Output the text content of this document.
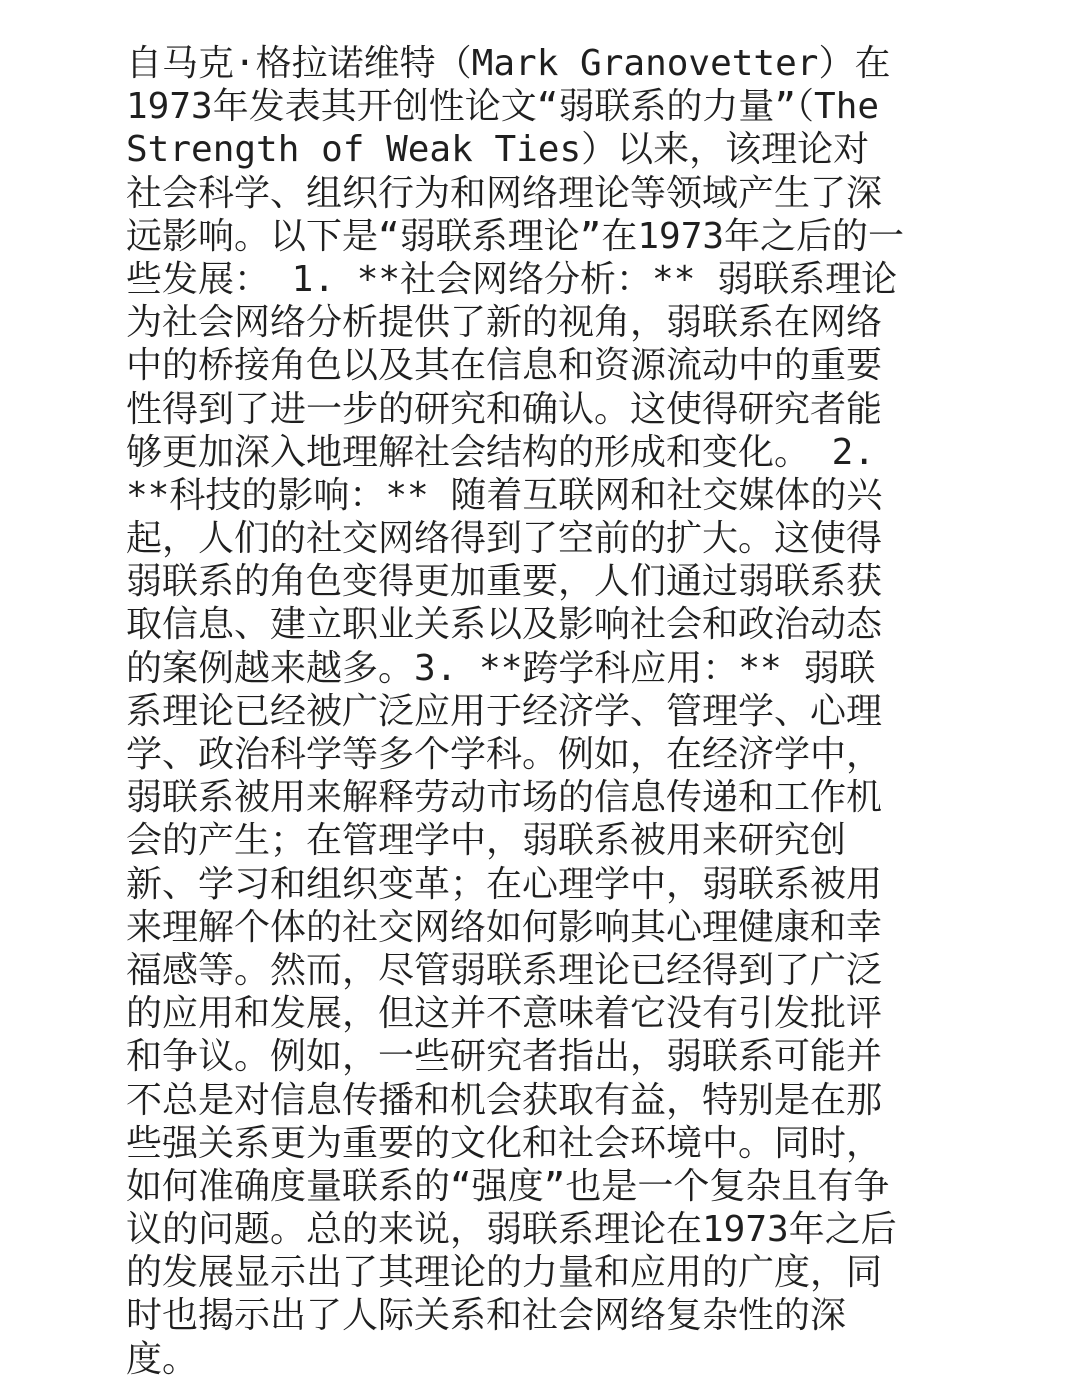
自马克·格拉诺维特（Mark Granovetter）在
1973年发表其开创性论文“弱联系的力量”（The
Strength of Weak Ties）以来，该理论对
社会科学、组织行为和网络理论等领域产生了深
远影响。以下是“弱联系理论”在1973年之后的一
些发展： 1. **社会网络分析：** 弱联系理论
为社会网络分析提供了新的视角，弱联系在网络
中的桥接角色以及其在信息和资源流动中的重要
性得到了进一步的研究和确认。这使得研究者能
够更加深入地理解社会结构的形成和变化。 2.
**科技的影响：** 随着互联网和社交媒体的兴
起，人们的社交网络得到了空前的扩大。这使得
弱联系的角色变得更加重要，人们通过弱联系获
取信息、建立职业关系以及影响社会和政治动态
的案例越来越多。3. **跨学科应用：** 弱联
系理论已经被广泛应用于经济学、管理学、心理
学、政治科学等多个学科。例如，在经济学中，
弱联系被用来解释劳动市场的信息传递和工作机
会的产生；在管理学中，弱联系被用来研究创
新、学习和组织变革；在心理学中，弱联系被用
来理解个体的社交网络如何影响其心理健康和幸
福感等。然而，尽管弱联系理论已经得到了广泛
的应用和发展，但这并不意味着它没有引发批评
和争议。例如，一些研究者指出，弱联系可能并
不总是对信息传播和机会获取有益，特别是在那
些强关系更为重要的文化和社会环境中。同时，
如何准确度量联系的“强度”也是一个复杂且有争
议的问题。总的来说，弱联系理论在1973年之后
的发展显示出了其理论的力量和应用的广度，同
时也揭示出了人际关系和社会网络复杂性的深
度。
